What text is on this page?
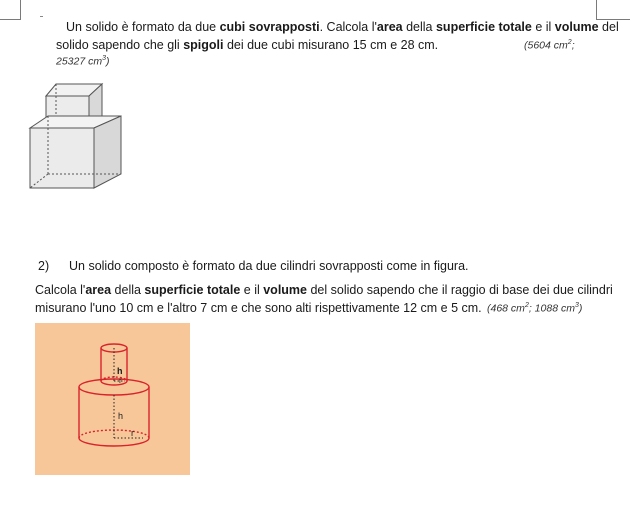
Un solido è formato da due cubi sovrapposti. Calcola l'area della superficie totale e il volume del
solido sapendo che gli spigoli dei due cubi misurano 15 cm e 28 cm.	(5604 $cm^2$;
25327 $cm^3$)
2) Un solido composto è formato da due cilindri sovrapposti come in figura.
Calcola l'area della superficie totale e il volume del solido sapendo che il raggio di base dei due cilindri
misurano l'uno 10 cm e l'altro 7 cm e che sono alti rispettivamente 12 cm e 5 cm. (468 $cm^2$; 1088 $cm^3$)
h
r
h
r
